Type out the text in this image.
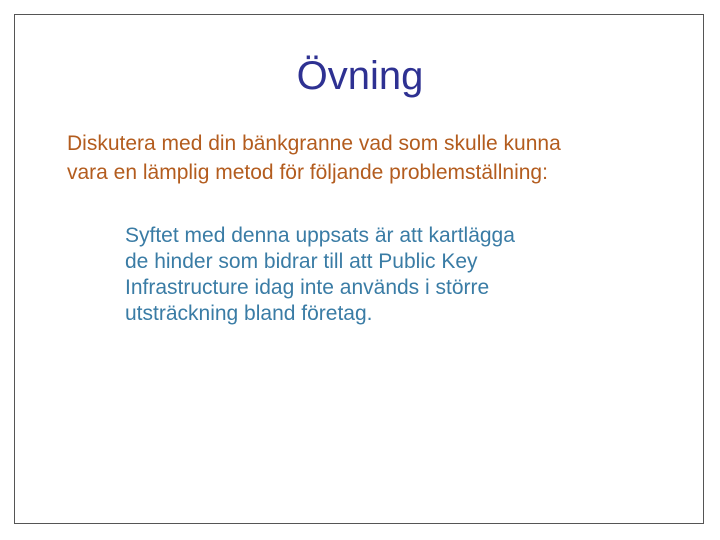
Övning

Diskutera med din bänkgranne vad som skulle kunna
vara en lämplig metod för följande problemställning:

Syftet med denna uppsats är att kartlägga
de hinder som bidrar till att Public Key
Infrastructure idag inte används i större
utsträckning bland företag.
